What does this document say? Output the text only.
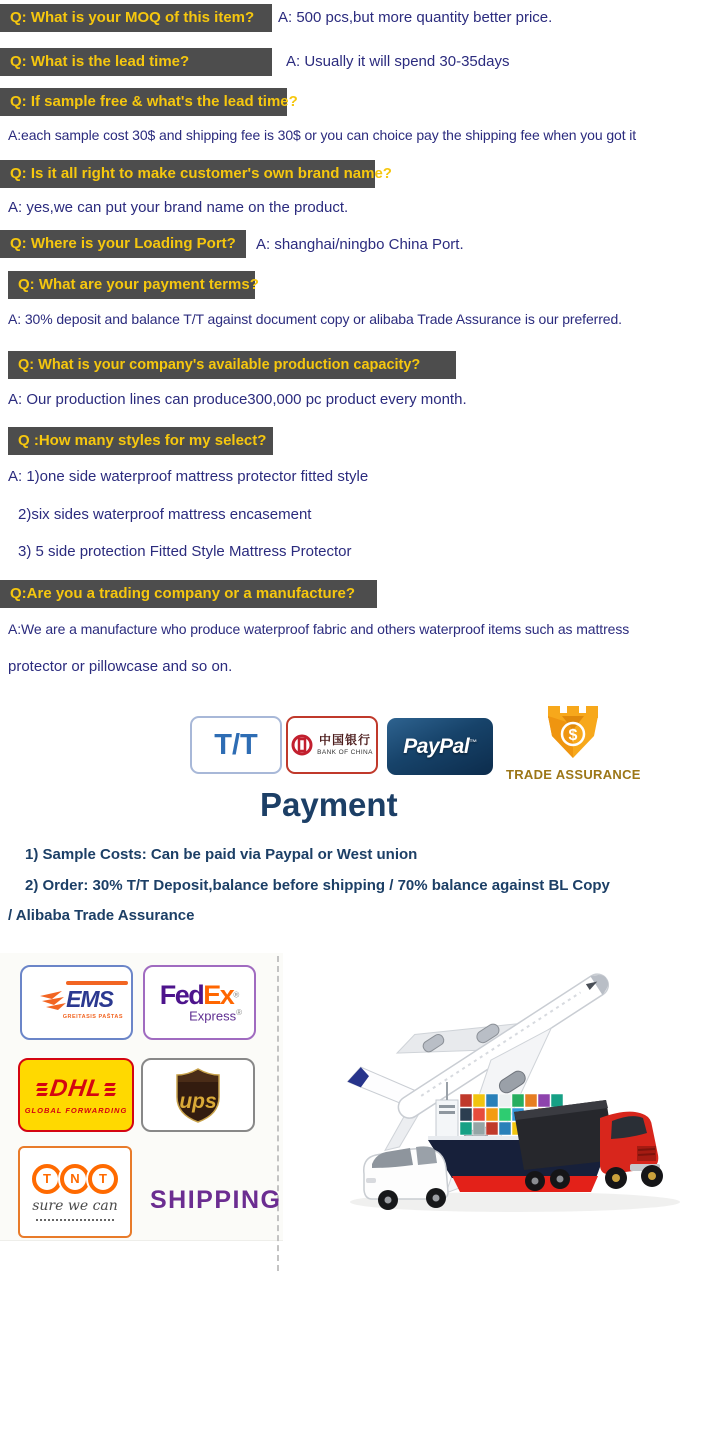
Q: What is your MOQ of this item?	A: 500 pcs,but more quantity better price.
Q: What is the lead time?	A: Usually it will spend 30-35days
Q: If sample free & what's the lead time?
A:each sample cost 30$ and shipping fee is 30$ or you can choice pay the shipping fee when you got it
Q: Is it all right to make customer's own brand name?
A: yes,we can put your brand name on the product.
Q: Where is your Loading Port?	A: shanghai/ningbo China Port.
Q: What are your payment terms?
A: 30% deposit and balance T/T against document copy or alibaba Trade Assurance is our preferred.
Q: What is your company's available production capacity?
A: Our production lines can produce300,000 pc product every month.
Q :How many styles for my select?
A: 1)one side waterproof mattress protector fitted style
2)six sides waterproof mattress encasement
3) 5 side protection Fitted Style Mattress Protector
Q:Are you a trading company or a manufacture?
A:We are a manufacture who produce waterproof fabric and others waterproof items such as mattress
protector or pillowcase and so on.
T/T	中国银行
BANK OF CHINA PayPal™	$
TRADE ASSURANCE
Payment
1) Sample Costs: Can be paid via Paypal or West union
2) Order: 30% T/T Deposit,balance before shipping / 70% balance against BL Copy
/ Alibaba Trade Assurance
EMS
GREITASIS PAŠTAS
FedEx®
Express®
DHL
GLOBAL FORWARDING ups
T	N	T
sure we can SHIPPING
